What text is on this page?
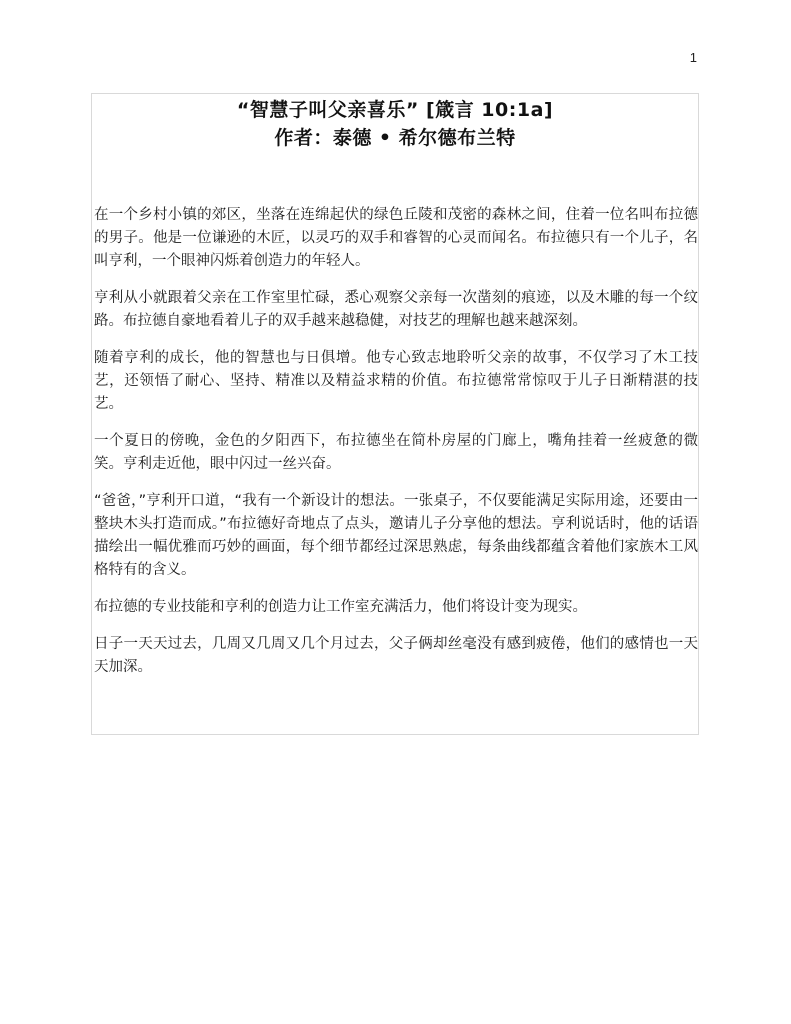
1
“智慧子叫父亲喜乐” [箴言 10:1a]
作者：泰德 • 希尔德布兰特

在一个乡村小镇的郊区，坐落在连绵起伏的绿色丘陵和茂密的森林之间，住着一位名叫布拉德的男子。他是一位谦逊的木匠，以灵巧的双手和睿智的心灵而闻名。布拉德只有一个儿子，名叫亨利，一个眼神闪烁着创造力的年轻人。

亨利从小就跟着父亲在工作室里忙碌，悉心观察父亲每一次凿刻的痕迹，以及木雕的每一个纹路。布拉德自豪地看着儿子的双手越来越稳健，对技艺的理解也越来越深刻。

随着亨利的成长，他的智慧也与日俱增。他专心致志地聆听父亲的故事，不仅学习了木工技艺，还领悟了耐心、坚持、精准以及精益求精的价值。布拉德常常惊叹于儿子日渐精湛的技艺。

一个夏日的傍晚，金色的夕阳西下，布拉德坐在简朴房屋的门廊上，嘴角挂着一丝疲惫的微笑。亨利走近他，眼中闪过一丝兴奋。

“爸爸，”亨利开口道，“我有一个新设计的想法。一张桌子，不仅要能满足实际用途，还要由一整块木头打造而成。”布拉德好奇地点了点头，邀请儿子分享他的想法。亨利说话时，他的话语描绘出一幅优雅而巧妙的画面，每个细节都经过深思熟虑，每条曲线都蕴含着他们家族木工风格特有的含义。

布拉德的专业技能和亨利的创造力让工作室充满活力，他们将设计变为现实。

日子一天天过去，几周又几周又几个月过去，父子俩却丝毫没有感到疲倦，他们的感情也一天天加深。
